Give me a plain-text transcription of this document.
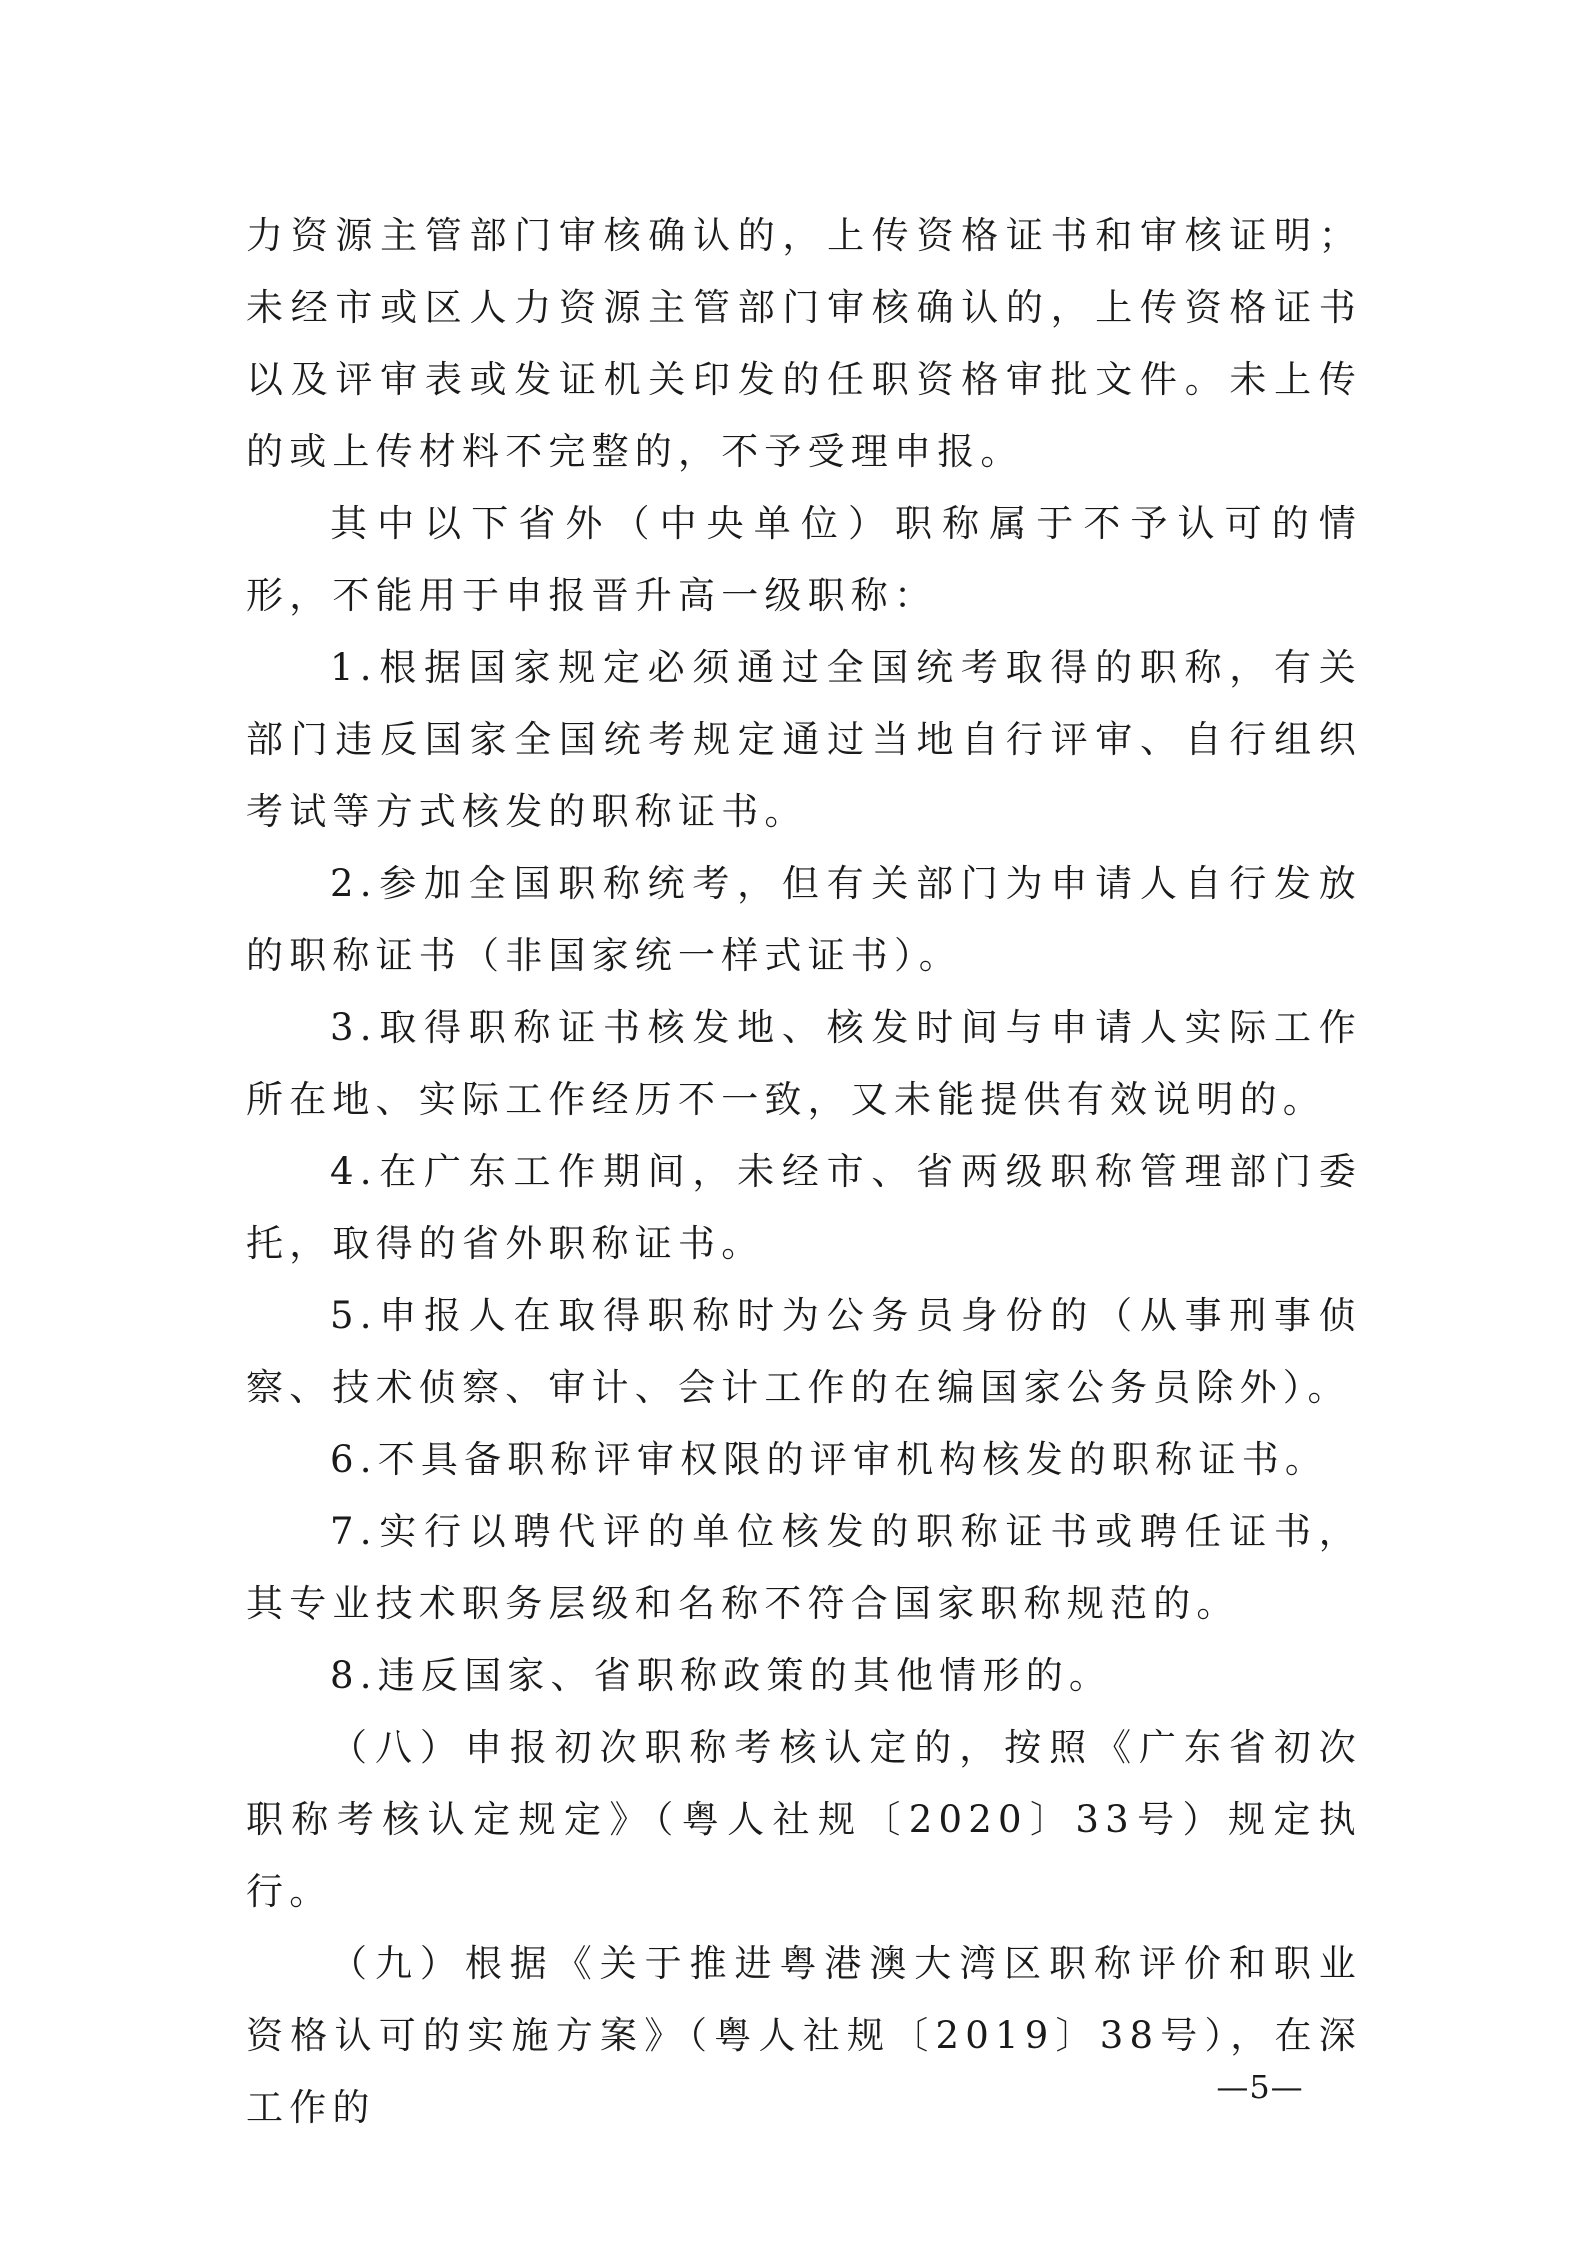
力资源主管部门审核确认的，上传资格证书和审核证明；未经市或区人力资源主管部门审核确认的，上传资格证书以及评审表或发证机关印发的任职资格审批文件。未上传的或上传材料不完整的，不予受理申报。

其中以下省外（中央单位）职称属于不予认可的情形，不能用于申报晋升高一级职称：

1.根据国家规定必须通过全国统考取得的职称，有关部门违反国家全国统考规定通过当地自行评审、自行组织考试等方式核发的职称证书。

2.参加全国职称统考，但有关部门为申请人自行发放的职称证书（非国家统一样式证书）。

3.取得职称证书核发地、核发时间与申请人实际工作所在地、实际工作经历不一致，又未能提供有效说明的。

4.在广东工作期间，未经市、省两级职称管理部门委托，取得的省外职称证书。

5.申报人在取得职称时为公务员身份的（从事刑事侦察、技术侦察、审计、会计工作的在编国家公务员除外）。

6.不具备职称评审权限的评审机构核发的职称证书。

7.实行以聘代评的单位核发的职称证书或聘任证书，其专业技术职务层级和名称不符合国家职称规范的。

8.违反国家、省职称政策的其他情形的。

（八）申报初次职称考核认定的，按照《广东省初次职称考核认定规定》（粤人社规〔2020〕33号）规定执行。

（九）根据《关于推进粤港澳大湾区职称评价和职业资格认可的实施方案》（粤人社规〔2019〕38号），在深工作的	—5—
